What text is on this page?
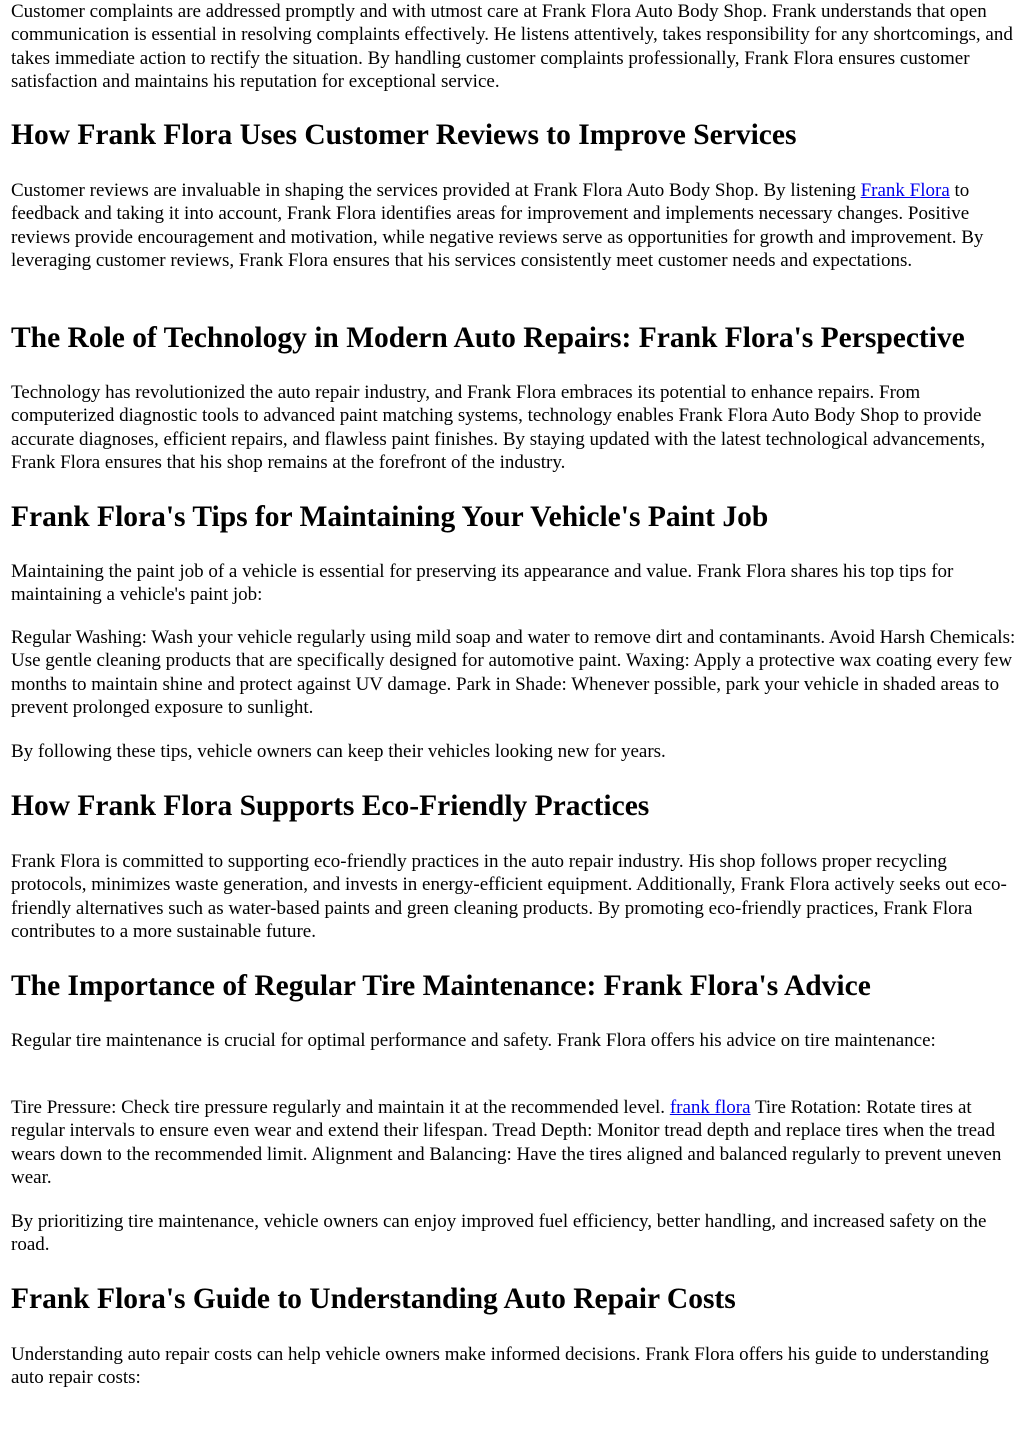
Customer complaints are addressed promptly and with utmost care at Frank Flora Auto Body Shop. Frank understands that open communication is essential in resolving complaints effectively. He listens attentively, takes responsibility for any shortcomings, and takes immediate action to rectify the situation. By handling customer complaints professionally, Frank Flora ensures customer satisfaction and maintains his reputation for exceptional service.

How Frank Flora Uses Customer Reviews to Improve Services

Customer reviews are invaluable in shaping the services provided at Frank Flora Auto Body Shop. By listening Frank Flora to feedback and taking it into account, Frank Flora identifies areas for improvement and implements necessary changes. Positive reviews provide encouragement and motivation, while negative reviews serve as opportunities for growth and improvement. By leveraging customer reviews, Frank Flora ensures that his services consistently meet customer needs and expectations.

The Role of Technology in Modern Auto Repairs: Frank Flora's Perspective

Technology has revolutionized the auto repair industry, and Frank Flora embraces its potential to enhance repairs. From computerized diagnostic tools to advanced paint matching systems, technology enables Frank Flora Auto Body Shop to provide accurate diagnoses, efficient repairs, and flawless paint finishes. By staying updated with the latest technological advancements, Frank Flora ensures that his shop remains at the forefront of the industry.

Frank Flora's Tips for Maintaining Your Vehicle's Paint Job

Maintaining the paint job of a vehicle is essential for preserving its appearance and value. Frank Flora shares his top tips for maintaining a vehicle's paint job:

Regular Washing: Wash your vehicle regularly using mild soap and water to remove dirt and contaminants. Avoid Harsh Chemicals: Use gentle cleaning products that are specifically designed for automotive paint. Waxing: Apply a protective wax coating every few months to maintain shine and protect against UV damage. Park in Shade: Whenever possible, park your vehicle in shaded areas to prevent prolonged exposure to sunlight.

By following these tips, vehicle owners can keep their vehicles looking new for years.

How Frank Flora Supports Eco-Friendly Practices

Frank Flora is committed to supporting eco-friendly practices in the auto repair industry. His shop follows proper recycling protocols, minimizes waste generation, and invests in energy-efficient equipment. Additionally, Frank Flora actively seeks out eco-friendly alternatives such as water-based paints and green cleaning products. By promoting eco-friendly practices, Frank Flora contributes to a more sustainable future.

The Importance of Regular Tire Maintenance: Frank Flora's Advice

Regular tire maintenance is crucial for optimal performance and safety. Frank Flora offers his advice on tire maintenance:

Tire Pressure: Check tire pressure regularly and maintain it at the recommended level. frank flora Tire Rotation: Rotate tires at regular intervals to ensure even wear and extend their lifespan. Tread Depth: Monitor tread depth and replace tires when the tread wears down to the recommended limit. Alignment and Balancing: Have the tires aligned and balanced regularly to prevent uneven wear.

By prioritizing tire maintenance, vehicle owners can enjoy improved fuel efficiency, better handling, and increased safety on the road.

Frank Flora's Guide to Understanding Auto Repair Costs

Understanding auto repair costs can help vehicle owners make informed decisions. Frank Flora offers his guide to understanding auto repair costs:
